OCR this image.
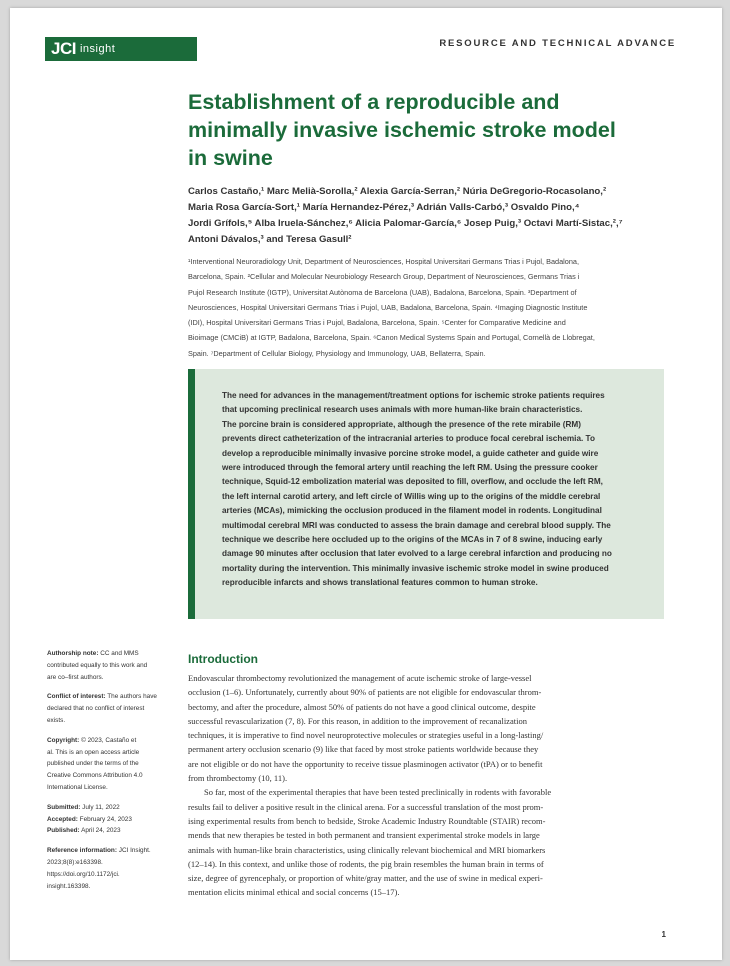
JCI insight	RESOURCE AND TECHNICAL ADVANCE
Establishment of a reproducible and
minimally invasive ischemic stroke model
in swine
Carlos Castaño,¹ Marc Melià-Sorolla,² Alexia García-Serran,² Núria DeGregorio-Rocasolano,²
Maria Rosa García-Sort,¹ María Hernandez-Pérez,³ Adrián Valls-Carbó,³ Osvaldo Pino,⁴
Jordi Grífols,⁵ Alba Iruela-Sánchez,⁶ Alicia Palomar-García,⁶ Josep Puig,³ Octavi Martí-Sistac,²,⁷
Antoni Dávalos,³ and Teresa Gasull²
¹Interventional Neuroradiology Unit, Department of Neurosciences, Hospital Universitari Germans Trias i Pujol, Badalona,
Barcelona, Spain. ²Cellular and Molecular Neurobiology Research Group, Department of Neurosciences, Germans Trias i
Pujol Research Institute (IGTP), Universitat Autònoma de Barcelona (UAB), Badalona, Barcelona, Spain. ³Department of
Neurosciences, Hospital Universitari Germans Trias i Pujol, UAB, Badalona, Barcelona, Spain. ⁴Imaging Diagnostic Institute
(IDI), Hospital Universitari Germans Trias i Pujol, Badalona, Barcelona, Spain. ⁵Center for Comparative Medicine and
Bioimage (CMCiB) at IGTP, Badalona, Barcelona, Spain. ⁶Canon Medical Systems Spain and Portugal, Cornellà de Llobregat,
Spain. ⁷Department of Cellular Biology, Physiology and Immunology, UAB, Bellaterra, Spain.
The need for advances in the management/treatment options for ischemic stroke patients requires
that upcoming preclinical research uses animals with more human-like brain characteristics.
The porcine brain is considered appropriate, although the presence of the rete mirabile (RM)
prevents direct catheterization of the intracranial arteries to produce focal cerebral ischemia. To
develop a reproducible minimally invasive porcine stroke model, a guide catheter and guide wire
were introduced through the femoral artery until reaching the left RM. Using the pressure cooker
technique, Squid-12 embolization material was deposited to fill, overflow, and occlude the left RM,
the left internal carotid artery, and left circle of Willis wing up to the origins of the middle cerebral
arteries (MCAs), mimicking the occlusion produced in the filament model in rodents. Longitudinal
multimodal cerebral MRI was conducted to assess the brain damage and cerebral blood supply. The
technique we describe here occluded up to the origins of the MCAs in 7 of 8 swine, inducing early
damage 90 minutes after occlusion that later evolved to a large cerebral infarction and producing no
mortality during the intervention. This minimally invasive ischemic stroke model in swine produced
reproducible infarcts and shows translational features common to human stroke.
Authorship note: CC and MMS
contributed equally to this work and
are co–first authors.
Conflict of interest: The authors have
declared that no conflict of interest
exists.
Copyright: © 2023, Castaño et
al. This is an open access article
published under the terms of the
Creative Commons Attribution 4.0
International License.
Submitted: July 11, 2022
Accepted: February 24, 2023
Published: April 24, 2023
Reference information: JCI Insight.
2023;8(8):e163398.
https://doi.org/10.1172/jci.
insight.163398.
Introduction
Endovascular thrombectomy revolutionized the management of acute ischemic stroke of large-vessel
occlusion (1–6). Unfortunately, currently about 90% of patients are not eligible for endovascular throm-
bectomy, and after the procedure, almost 50% of patients do not have a good clinical outcome, despite
successful revascularization (7, 8). For this reason, in addition to the improvement of recanalization
techniques, it is imperative to find novel neuroprotective molecules or strategies useful in a long-lasting/
permanent artery occlusion scenario (9) like that faced by most stroke patients worldwide because they
are not eligible or do not have the opportunity to receive tissue plasminogen activator (tPA) or to benefit
from thrombectomy (10, 11).
So far, most of the experimental therapies that have been tested preclinically in rodents with favorable
results fail to deliver a positive result in the clinical arena. For a successful translation of the most prom-
ising experimental results from bench to bedside, Stroke Academic Industry Roundtable (STAIR) recom-
mends that new therapies be tested in both permanent and transient experimental stroke models in large
animals with human-like brain characteristics, using clinically relevant biochemical and MRI biomarkers
(12–14). In this context, and unlike those of rodents, the pig brain resembles the human brain in terms of
size, degree of gyrencephaly, or proportion of white/gray matter, and the use of swine in medical experi-
mentation elicits minimal ethical and social concerns (15–17).
1
